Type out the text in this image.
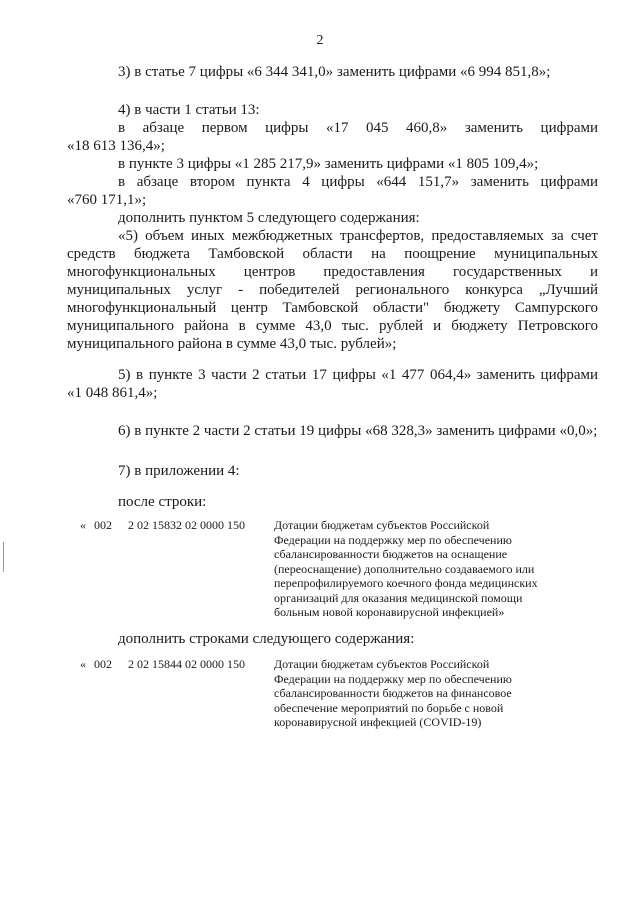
2
3) в статье 7 цифры «6 344 341,0» заменить цифрами «6 994 851,8»;
4) в части 1 статьи 13:
в абзаце первом цифры «17 045 460,8» заменить цифрами
«18 613 136,4»;
в пункте 3 цифры «1 285 217,9» заменить цифрами «1 805 109,4»;
в абзаце вторoм пункта 4 цифры «644 151,7» заменить цифрами
«760 171,1»;
дополнить пунктом 5 следующего содержания:
«5) объем иных межбюджетных трансфертов, предоставляемых за счет
средств бюджета Тамбовской области на поощрение муниципальных
многофункциональных центров предоставления государственных и
муниципальных услуг - победителей регионального конкурса „Лучший
многофункциональный центр Тамбовской области" бюджету Сампурского
муниципального района в сумме 43,0 тыс. рублей и бюджету Петровского
муниципального района в сумме 43,0 тыс. рублей»;
5) в пункте 3 части 2 статьи 17 цифры «1 477 064,4» заменить цифрами
«1 048 861,4»;
6) в пункте 2 части 2 статьи 19 цифры «68 328,3» заменить цифрами «0,0»;
7) в приложении 4:
после строки:
« 002 2 02 15832 02 0000 150 Дотации бюджетам субъектов Российской
Федерации на поддержку мер по обеспечению
сбалансированности бюджетов на оснащение
(переоснащение) дополнительно создаваемого или
перепрофилируемого коечного фонда медицинских
организаций для оказания медицинской помощи
больным новой коронавирусной инфекцией»
дополнить строками следующего содержания:
« 002 2 02 15844 02 0000 150 Дотации бюджетам субъектов Российской
Федерации на поддержку мер по обеспечению
сбалансированности бюджетов на финансовое
обеспечение мероприятий по борьбе с новой
коронавирусной инфекцией (COVID-19)
